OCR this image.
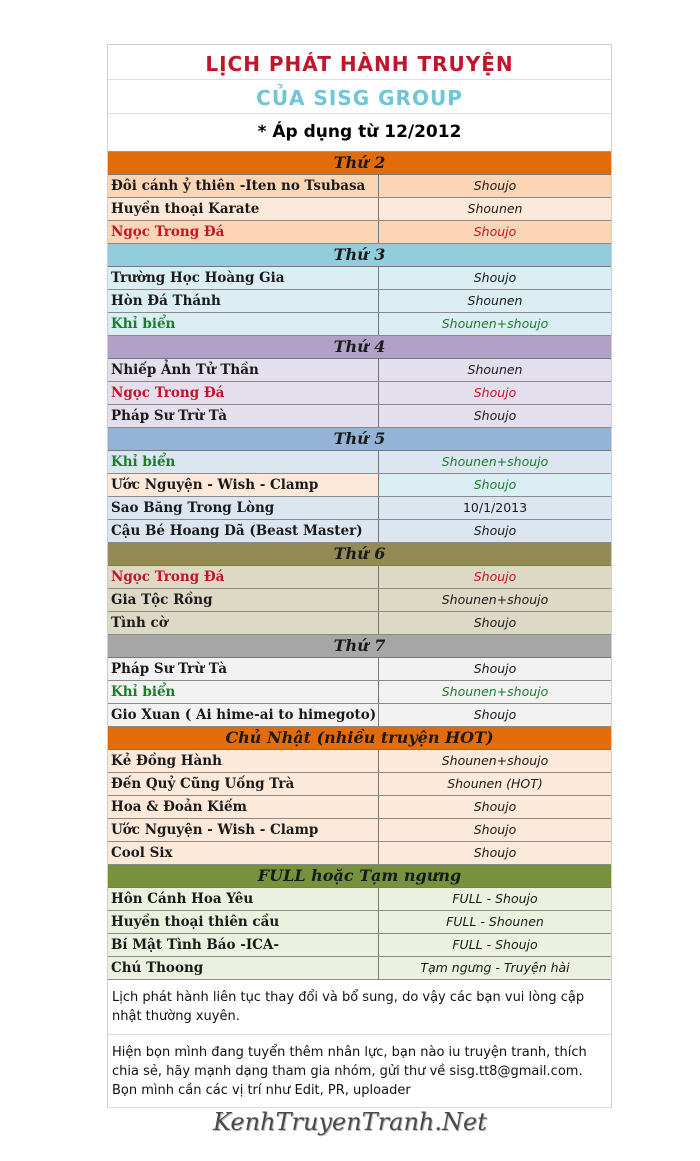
LỊCH PHÁT HÀNH TRUYỆN
CỦA SISG GROUP
* Áp dụng từ 12/2012
Thứ 2
Đôi cánh ỷ thiên -Iten no Tsubasa	Shoujo
Huyền thoại Karate	Shounen
Ngọc Trong Đá	Shoujo
Thứ 3
Trường Học Hoàng Gia	Shoujo
Hòn Đá Thánh	Shounen
Khỉ biển	Shounen+shoujo
Thứ 4
Nhiếp Ảnh Tử Thần	Shounen
Ngọc Trong Đá	Shoujo
Pháp Sư Trừ Tà	Shoujo
Thứ 5
Khỉ biển	Shounen+shoujo
Ước Nguyện - Wish - Clamp	Shoujo
Sao Băng Trong Lòng	10/1/2013
Cậu Bé Hoang Dã (Beast Master)	Shoujo
Thứ 6
Ngọc Trong Đá	Shoujo
Gia Tộc Rồng	Shounen+shoujo
Tình cờ	Shoujo
Thứ 7
Pháp Sư Trừ Tà	Shoujo
Khỉ biển	Shounen+shoujo
Gio Xuan ( Ai hime-ai to himegoto)	Shoujo
Chủ Nhật (nhiều truyện HOT)
Kẻ Đồng Hành	Shounen+shoujo
Đến Quỷ Cũng Uống Trà	Shounen (HOT)
Hoa & Đoản Kiếm	Shoujo
Ước Nguyện - Wish - Clamp	Shoujo
Cool Six	Shoujo
FULL hoặc Tạm ngưng
Hôn Cánh Hoa Yêu	FULL - Shoujo
Huyền thoại thiên cầu	FULL - Shounen
Bí Mật Tình Báo -ICA-	FULL - Shoujo
Chú Thoong	Tạm ngưng - Truyện hài
Lịch phát hành liên tục thay đổi và bổ sung, do vậy các bạn vui lòng cập nhật thường xuyên.
Hiện bọn mình đang tuyển thêm nhân lực, bạn nào iu truyện tranh, thích chia sẻ, hãy mạnh dạng tham gia nhóm, gửi thư về sisg.tt8@gmail.com. Bọn mình cần các vị trí như Edit, PR, uploader
KenhTruyenTranh.Net
